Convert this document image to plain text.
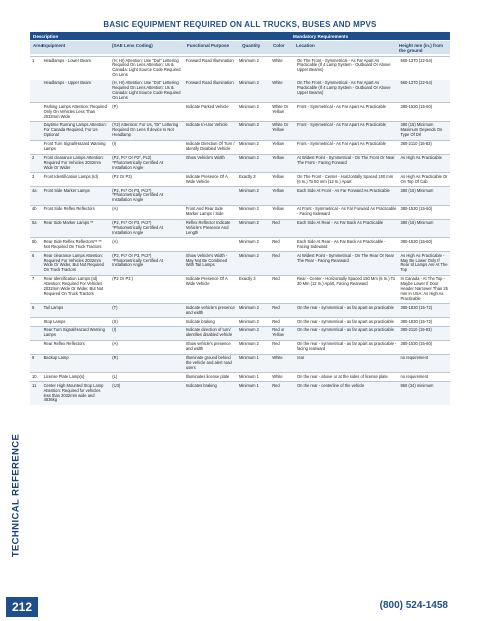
BASIC EQUIPMENT REQUIRED ON ALL TRUCKS, BUSES AND MPVS
Description	Mandatory Requirements
Area
Equipment	(SAE Lens Coding)	Functional Purpose	Quantity	Color	Location	Height mm (in.) from the ground
1	Headlamps - Lower Beam	(H, Hr) Attention: Use "Dot" Lettering Required On Lens Attention: Us & Canada: Light Source Code Required On Lens	Forward Road Illumination	Minimum 2	White	On The Front - Symmetrical - As Far Apart As Practicable (If 4 Lamp System - Outboard Or Above Upper Beams)	560-1370 (22-54)
	Headlamps - Upper Beam	(H, Hr) Attention: Use "Dot" Lettering Required On Lens Attention: Us & Canada: Light Source Code Required On Lens	Forward Road Illumination	Minimum 2	White	On The Front - Symmetrical - As Far Apart As Practicable (If 4 Lamp System - Outboard Or Above Upper Beams)	560-1370 (22-54)
	Parking Lamps Attention: Required Only On Vehicles Less Than 2032mm Wide	(P)	Indicate Parked Vehicle	Minimum 2	White Or Yellow	Front - Symmetrical - As Far Apart As Practicable	380-1530 (15-60)
	Daytime Running Lamps Attention: For Canada Required, For Us Optional	(Y2) Attention: For Us, "Dr" Lettering Required On Lens If device Is Not Headlamp	Indicate In-Use Vehicle	Minimum 2	White Or Yellow	Front - Symmetrical - As Far Apart As Practicable	380 (15) Minimum Maximum Depends On Type Of Drl
	Front Turn Signal/Hazard Warning Lamps	(I)	Indicate Direction Of Turn / Identify Disabled Vehicle	Minimum 2	Yellow	Front - Symmetrical - As Far Apart As Practicable	380-2110 (15-83)
2	Front clearance Lamps Attention: Required For Vehicles 2032mm Wide Or Wider	(P2, Pc* Or P2*, Pc2) *Photometrically Certified At Installation Angle	Show Vehicle's Width	Minimum 2	Yellow	At Widest Point - Symmetrical - On The Front Or Near The Front - Facing Forward	As High As Practicable
3	Front Identification Lamps (Id)	(P2 Or P3)	Indicate Presence Of A Wide Vehicle	Exactly 3	Yellow	On The Front - Center - Horizontally Spaced 150 mm (6 In.) To 50 mm (12 In.) Apart	As High As Practicable Or On Top Of Cab
4a	Front Side Marker Lamps	(P2, Pc* Or P3, Pc2*) *Photometrically Certified At Installation Angle		Minimum 2	Yellow	Each Side At Front - As Far Forward As Practicable	380 (15) Minimum
4b	Front Side Reflex Reflectors	(A)	Front And Rear Side Marker Lamps / Side	Minimum 2	Yellow	At Front - Symmetrical - As Far Forward As Practicable - Facing Sideward	380-1530 (15-60)
5a	Rear Side Marker Lamps **	(P2, Pc* Or P3, Pc2*) *Photometrically Certified At Installation Angle	Reflex Reflector Indicate Vehicle's Presence And Length	Minimum 2	Red	Each Side At Rear - As Far Back As Practicable	380 (15) Minimum
5b	Rear Side Reflex Reflectors** ** Not Required On Truck Tractors	(A)		Minimum 2	Red	Each Side At Rear - As Far Back As Practicable - Facing Sideward	380-1530 (15-60)
6	Rear clearance Lamps Attention: Required For Vehicles 2032mm Wide Or Wider, But Not Required On Truck Tractors	(P2, Pc* Or P3, Pc2*) *Photometrically Certified At Installation Angle	Show Vehicle's Width - May Not Be Combined With Tail Lamps	Minimum 2	Red	At Widest Point - Symmetrical - On The Rear Or Near The Rear - Facing Rearward	As High As Practicable - May Be Lower Only If Rear Id Lamps Are At The Top
7	Rear Identification Lamps (Id) Attention: Required For Vehicles 2032mm Wide Or Wider, But Not Required On Truck Tractors	(P2 Or P3 )	Indicate Presence Of A Wide Vehicle	Exactly 3	Red	Rear - Center - Horizontally Spaced 150 Mm (6 In.) To 30 Mm (12 In.) Apart, Facing Rearward	In Canada - At The Top - Maybe Lower If Door Header Narrower Than 25 mm In USA: As High As Practicable
8	Tail Lamps	(T)	Indicate vehicle's presence and width	Minimum 2	Red	On the rear - symmetrical - as far apart as practicable	380-1830 (15-72)
	Stop Lamps	(S)	Indicate braking	Minimum 2	Red	On the rear - symmetrical - as far apart as practicable	380-1830 (15-72)
	Rear Turn Signal/Hazard Warning Lamps	(I)	Indicate direction of turn/ identifies disabled vehicle	Minimum 2	Red or Yellow	On the rear - symmetrical - as far apart as practicable	380-2110 (15-83)
	Rear Reflex Reflectors	(A)	Show vehicle's presence and width	Minimum 2	Red	On the rear - symmetrical - as far apart as practicable - facing rearward	380-1530 (15-60)
9	Backup Lamp	(R)	Illuminate ground behind the vehicle and alert road users	Minimum 1	White	rear	no requirement
10	License Plate Lamp(s)	(L)	Illuminates license plate	Minimum 1	White	On the rear - above or at the sides of license plate	no requirement
11	Center High Mounted Stop Lamp Attention: Required for vehicles less than 2032mm wide and 4536kg	(U3)	Indicates braking	Minimum 1	Red	On the rear - centerline of the vehicle	860 (34) minimum
TECHNICAL REFERENCE
212	(800) 524-1458
